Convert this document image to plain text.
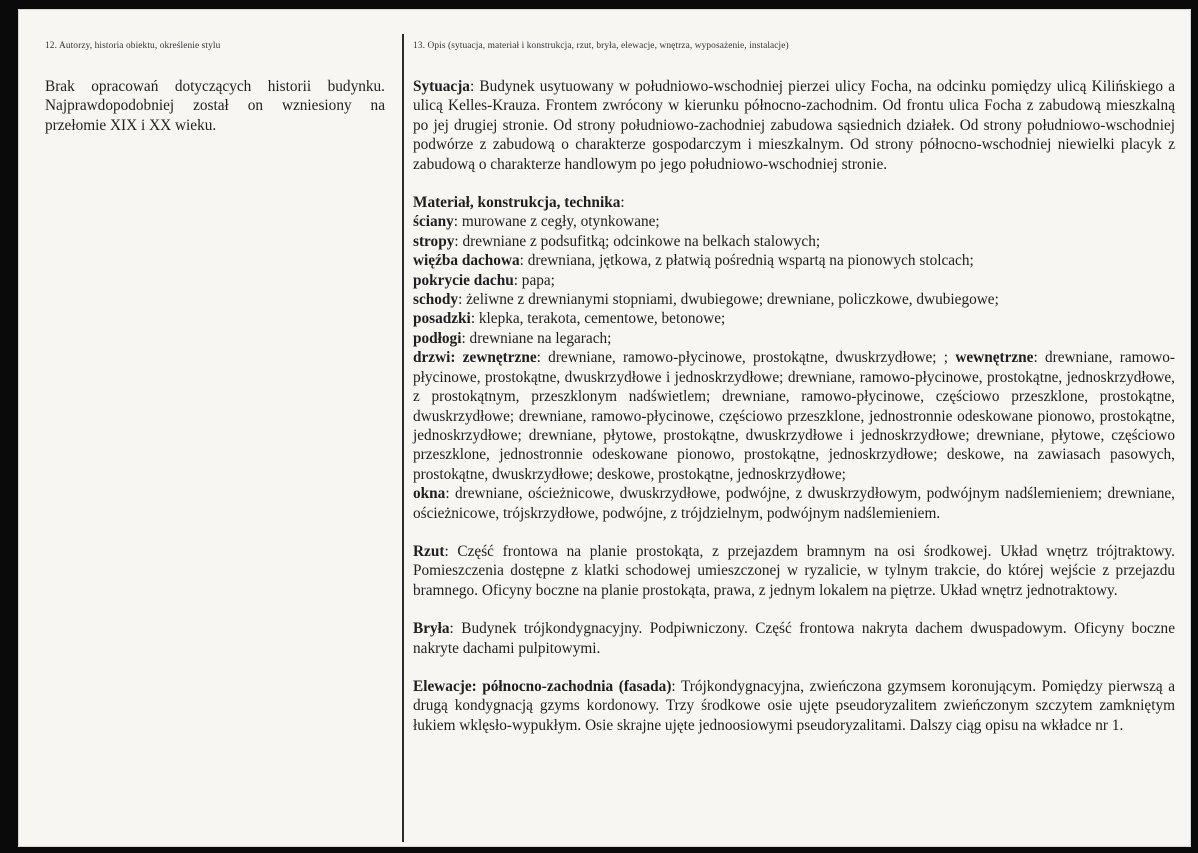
12. Autorzy, historia obiektu, określenie stylu

Brak opracowań dotyczących historii budynku. Najprawdopodobniej został on wzniesiony na przełomie XIX i XX wieku.

13. Opis (sytuacja, materiał i konstrukcja, rzut, bryła, elewacje, wnętrza, wyposażenie, instalacje)

Sytuacja: Budynek usytuowany w południowo-wschodniej pierzei ulicy Focha, na odcinku pomiędzy ulicą Kilińskiego a ulicą Kelles-Krauza. Frontem zwrócony w kierunku północno-zachodnim. Od frontu ulica Focha z zabudową mieszkalną po jej drugiej stronie. Od strony południowo-zachodniej zabudowa sąsiednich działek. Od strony południowo-wschodniej podwórze z zabudową o charakterze gospodarczym i mieszkalnym. Od strony północno-wschodniej niewielki placyk z zabudową o charakterze handlowym po jego południowo-wschodniej stronie.

Materiał, konstrukcja, technika:
ściany: murowane z cegły, otynkowane;
stropy: drewniane z podsufitką; odcinkowe na belkach stalowych;
więźba dachowa: drewniana, jętkowa, z płatwią pośrednią wspartą na pionowych stolcach;
pokrycie dachu: papa;
schody: żeliwne z drewnianymi stopniami, dwubiegowe; drewniane, policzkowe, dwubiegowe;
posadzki: klepka, terakota, cementowe, betonowe;
podłogi: drewniane na legarach;
drzwi: zewnętrzne: drewniane, ramowo-płycinowe, prostokątne, dwuskrzydłowe; ; wewnętrzne: drewniane, ramowo-płycinowe, prostokątne, dwuskrzydłowe i jednoskrzydłowe; drewniane, ramowo-płycinowe, prostokątne, jednoskrzydłowe, z prostokątnym, przeszklonym nadświetlem; drewniane, ramowo-płycinowe, częściowo przeszklone, prostokątne, dwuskrzydłowe; drewniane, ramowo-płycinowe, częściowo przeszklone, jednostronnie odeskowane pionowo, prostokątne, jednoskrzydłowe; drewniane, płytowe, prostokątne, dwuskrzydłowe i jednoskrzydłowe; drewniane, płytowe, częściowo przeszklone, jednostronnie odeskowane pionowo, prostokątne, jednoskrzydłowe; deskowe, na zawiasach pasowych, prostokątne, dwuskrzydłowe; deskowe, prostokątne, jednoskrzydłowe;
okna: drewniane, ościeżnicowe, dwuskrzydłowe, podwójne, z dwuskrzydłowym, podwójnym nadślemieniem; drewniane, ościeżnicowe, trójskrzydłowe, podwójne, z trójdzielnym, podwójnym nadślemieniem.

Rzut: Część frontowa na planie prostokąta, z przejazdem bramnym na osi środkowej. Układ wnętrz trójtraktowy. Pomieszczenia dostępne z klatki schodowej umieszczonej w ryzalicie, w tylnym trakcie, do której wejście z przejazdu bramnego. Oficyny boczne na planie prostokąta, prawa, z jednym lokalem na piętrze. Układ wnętrz jednotraktowy.

Bryła: Budynek trójkondygnacyjny. Podpiwniczony. Część frontowa nakryta dachem dwuspadowym. Oficyny boczne nakryte dachami pulpitowymi.

Elewacje: północno-zachodnia (fasada): Trójkondygnacyjna, zwieńczona gzymsem koronującym. Pomiędzy pierwszą a drugą kondygnacją gzyms kordonowy. Trzy środkowe osie ujęte pseudoryzalitem zwieńczonym szczytem zamkniętym łukiem wklęsło-wypukłym. Osie skrajne ujęte jednoosiowymi pseudoryzalitami. Dalszy ciąg opisu na wkładce nr 1.
